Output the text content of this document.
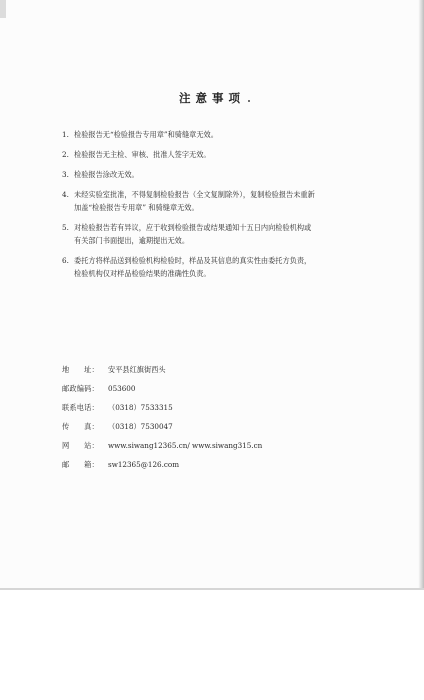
注意事项
1. 检验报告无“检验报告专用章”和骑缝章无效。
2. 检验报告无主检、审核、批准人签字无效。
3. 检验报告涂改无效。
4. 未经实验室批准，不得复制检验报告（全文复制除外），复制检验报告未重新
加盖“检验报告专用章” 和骑缝章无效。
5. 对检验报告若有异议，应于收到检验报告或结果通知十五日内向检验机构或
有关部门书面提出，逾期提出无效。
6. 委托方将样品送到检验机构检验时，样品及其信息的真实性由委托方负责，
检验机构仅对样品检验结果的准确性负责。
地　　址：	安平县红旗街西头
邮政编码：	053600
联系电话：	（0318）7533315
传　　真：	（0318）7530047
网　　站：	www.siwang12365.cn/ www.siwang315.cn
邮　　箱：	sw12365@126.com
